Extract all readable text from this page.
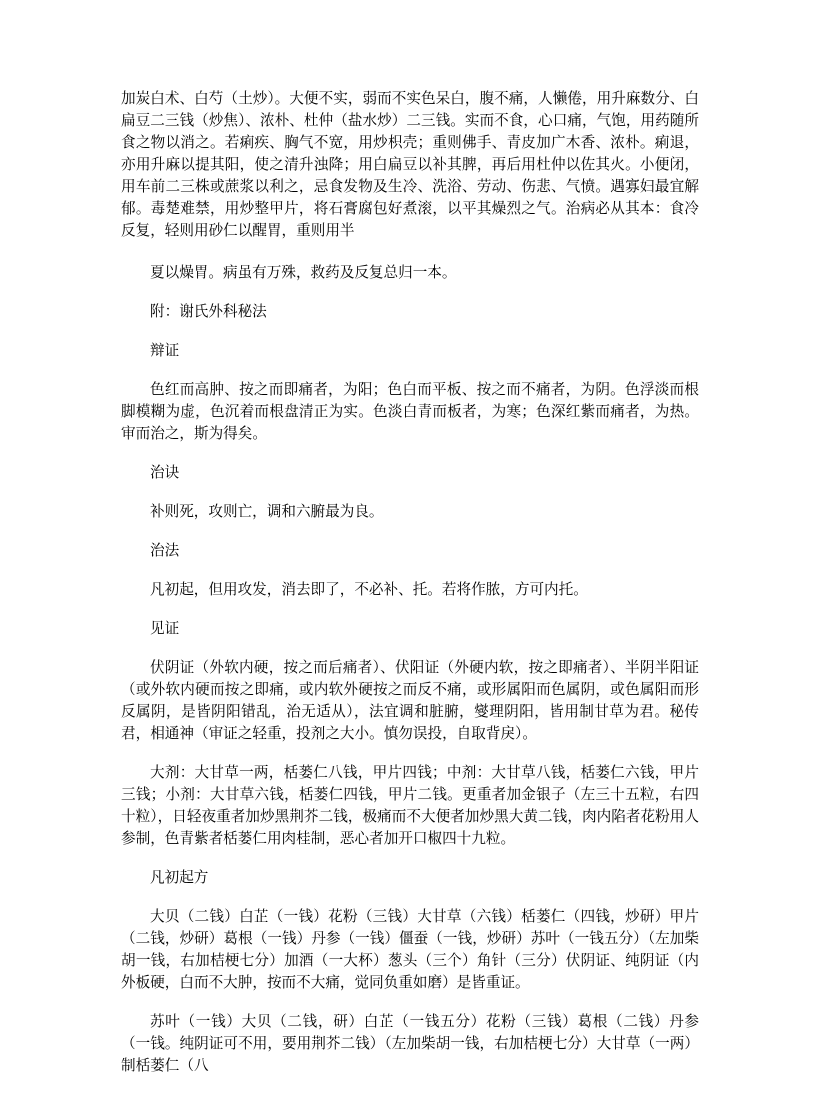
加炭白术、白芍（土炒）。大便不实，弱而不实色呆白，腹不痛，人懒倦，用升麻数分、白扁豆二三钱（炒焦）、浓朴、杜仲（盐水炒）二三钱。实而不食，心口痛，气饱，用药随所食之物以消之。若痢疾、胸气不宽，用炒枳壳；重则佛手、青皮加广木香、浓朴。痢退，亦用升麻以提其阳，使之清升浊降；用白扁豆以补其脾，再后用杜仲以佐其火。小便闭，用车前二三株或蔗浆以利之，忌食发物及生冷、洗浴、劳动、伤悲、气愤。遇寡妇最宜解郁。毒楚难禁，用炒整甲片，将石膏腐包好煮滚，以平其燥烈之气。治病必从其本：食冷反复，轻则用砂仁以醒胃，重则用半

夏以燥胃。病虽有万殊，救药及反复总归一本。

附：谢氏外科秘法

辩证

色红而高肿、按之而即痛者，为阳；色白而平板、按之而不痛者，为阴。色浮淡而根脚模糊为虚，色沉着而根盘清正为实。色淡白青而板者，为寒；色深红紫而痛者，为热。审而治之，斯为得矣。

治诀

补则死，攻则亡，调和六腑最为良。

治法

凡初起，但用攻发，消去即了，不必补、托。若将作脓，方可内托。

见证

伏阴证（外软内硬，按之而后痛者）、伏阳证（外硬内软，按之即痛者）、半阴半阳证（或外软内硬而按之即痛，或内软外硬按之而反不痛，或形属阳而色属阴，或色属阳而形反属阴，是皆阴阳错乱，治无适从），法宜调和脏腑，燮理阴阳，皆用制甘草为君。秘传君，相通神（审证之轻重，投剂之大小。慎勿误投，自取背戾）。

大剂：大甘草一两，栝蒌仁八钱，甲片四钱；中剂：大甘草八钱，栝蒌仁六钱，甲片三钱；小剂：大甘草六钱，栝蒌仁四钱，甲片二钱。更重者加金银子（左三十五粒，右四十粒），日轻夜重者加炒黑荆芥二钱，极痛而不大便者加炒黑大黄二钱，肉内陷者花粉用人参制，色青紫者栝蒌仁用肉桂制，恶心者加开口椒四十九粒。

凡初起方

大贝（二钱）白芷（一钱）花粉（三钱）大甘草（六钱）栝蒌仁（四钱，炒研）甲片（二钱，炒研）葛根（一钱）丹参（一钱）僵蚕（一钱，炒研）苏叶（一钱五分）（左加柴胡一钱，右加桔梗七分）加酒（一大杯）葱头（三个）角针（三分）伏阴证、纯阴证（内外板硬，白而不大肿，按而不大痛，觉同负重如磨）是皆重证。

苏叶（一钱）大贝（二钱，研）白芷（一钱五分）花粉（三钱）葛根（二钱）丹参（一钱。纯阴证可不用，要用荆芥二钱）（左加柴胡一钱，右加桔梗七分）大甘草（一两）制栝蒌仁（八
